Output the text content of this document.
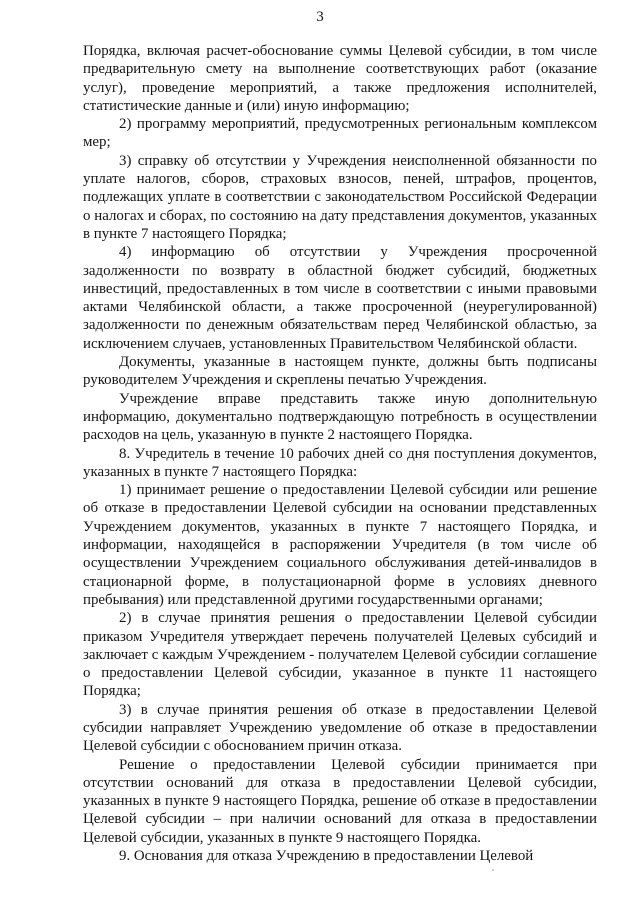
3

Порядка, включая расчет-обоснование суммы Целевой субсидии, в том числе предварительную смету на выполнение соответствующих работ (оказание услуг), проведение мероприятий, а также предложения исполнителей, статистические данные и (или) иную информацию;

2) программу мероприятий, предусмотренных региональным комплексом мер;

3) справку об отсутствии у Учреждения неисполненной обязанности по уплате налогов, сборов, страховых взносов, пеней, штрафов, процентов, подлежащих уплате в соответствии с законодательством Российской Федерации о налогах и сборах, по состоянию на дату представления документов, указанных в пункте 7 настоящего Порядка;

4) информацию об отсутствии у Учреждения просроченной задолженности по возврату в областной бюджет субсидий, бюджетных инвестиций, предоставленных в том числе в соответствии с иными правовыми актами Челябинской области, а также просроченной (неурегулированной) задолженности по денежным обязательствам перед Челябинской областью, за исключением случаев, установленных Правительством Челябинской области.

Документы, указанные в настоящем пункте, должны быть подписаны руководителем Учреждения и скреплены печатью Учреждения.

Учреждение вправе представить также иную дополнительную информацию, документально подтверждающую потребность в осуществлении расходов на цель, указанную в пункте 2 настоящего Порядка.

8. Учредитель в течение 10 рабочих дней со дня поступления документов, указанных в пункте 7 настоящего Порядка:

1) принимает решение о предоставлении Целевой субсидии или решение об отказе в предоставлении Целевой субсидии на основании представленных Учреждением документов, указанных в пункте 7 настоящего Порядка, и информации, находящейся в распоряжении Учредителя (в том числе об осуществлении Учреждением социального обслуживания детей-инвалидов в стационарной форме, в полустационарной форме в условиях дневного пребывания) или представленной другими государственными органами;

2) в случае принятия решения о предоставлении Целевой субсидии приказом Учредителя утверждает перечень получателей Целевых субсидий и заключает с каждым Учреждением - получателем Целевой субсидии соглашение о предоставлении Целевой субсидии, указанное в пункте 11 настоящего Порядка;

3) в случае принятия решения об отказе в предоставлении Целевой субсидии направляет Учреждению уведомление об отказе в предоставлении Целевой субсидии с обоснованием причин отказа.

Решение о предоставлении Целевой субсидии принимается при отсутствии оснований для отказа в предоставлении Целевой субсидии, указанных в пункте 9 настоящего Порядка, решение об отказе в предоставлении Целевой субсидии – при наличии оснований для отказа в предоставлении Целевой субсидии, указанных в пункте 9 настоящего Порядка.

9. Основания для отказа Учреждению в предоставлении Целевой
